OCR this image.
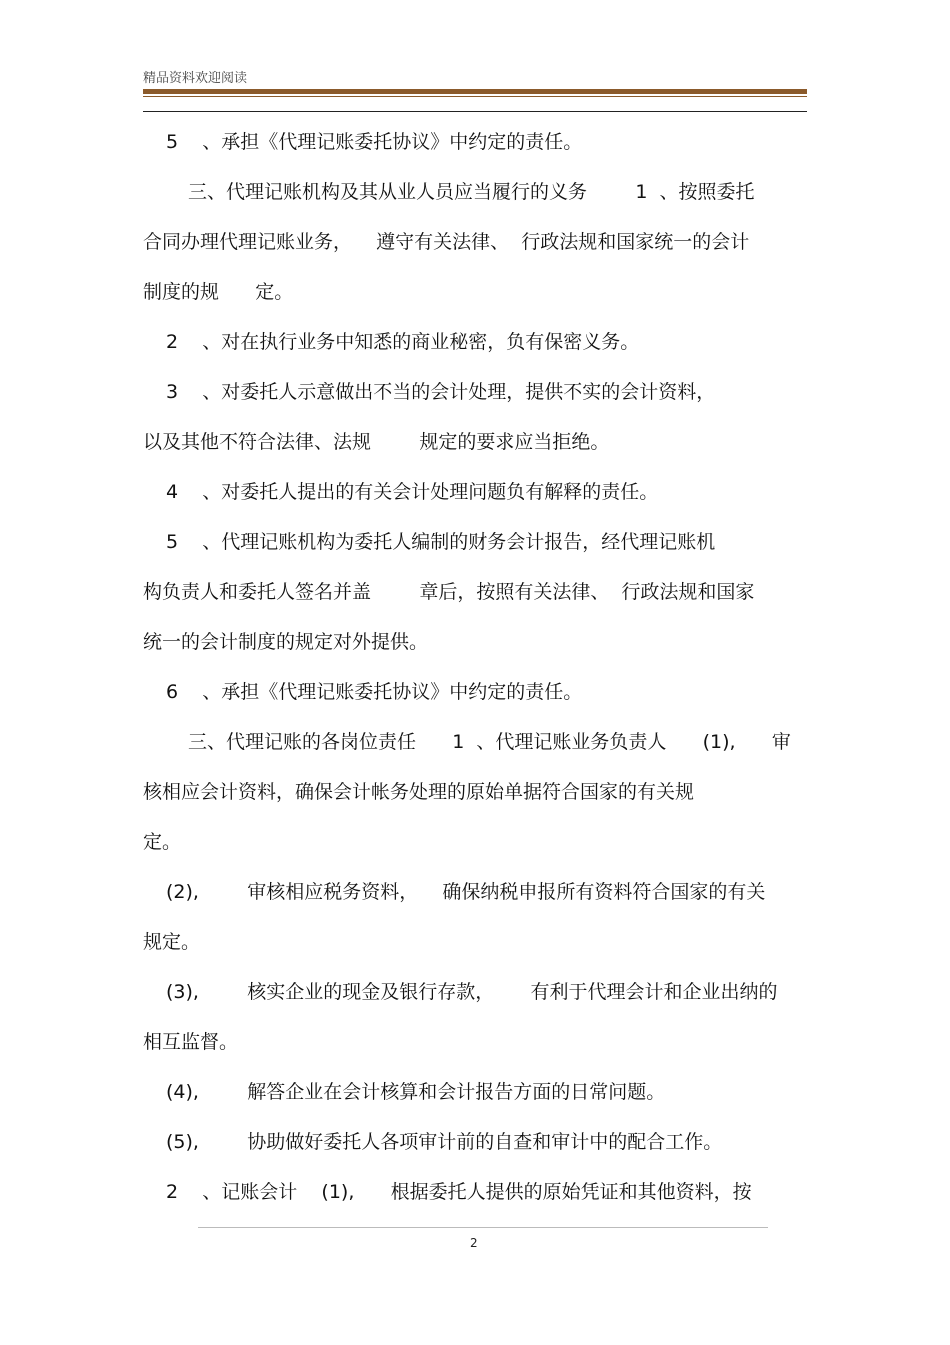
精品资料欢迎阅读
5    、承担《代理记账委托协议》中约定的责任。
三、代理记账机构及其从业人员应当履行的义务        1  、按照委托
合同办理代理记账业务，    遵守有关法律、  行政法规和国家统一的会计
制度的规      定。
2    、对在执行业务中知悉的商业秘密，负有保密义务。
3    、对委托人示意做出不当的会计处理，提供不实的会计资料，
以及其他不符合法律、法规        规定的要求应当拒绝。
4    、对委托人提出的有关会计处理问题负有解释的责任。
5    、代理记账机构为委托人编制的财务会计报告，经代理记账机
构负责人和委托人签名并盖        章后，按照有关法律、  行政法规和国家
统一的会计制度的规定对外提供。
6    、承担《代理记账委托协议》中约定的责任。
三、代理记账的各岗位责任      1  、代理记账业务负责人      (1),      审
核相应会计资料，确保会计帐务处理的原始单据符合国家的有关规
定。
(2),        审核相应税务资料，    确保纳税申报所有资料符合国家的有关
规定。
(3),        核实企业的现金及银行存款，      有利于代理会计和企业出纳的
相互监督。
(4),        解答企业在会计核算和会计报告方面的日常问题。
(5),        协助做好委托人各项审计前的自查和审计中的配合工作。
2    、记账会计    (1),      根据委托人提供的原始凭证和其他资料，按
2
